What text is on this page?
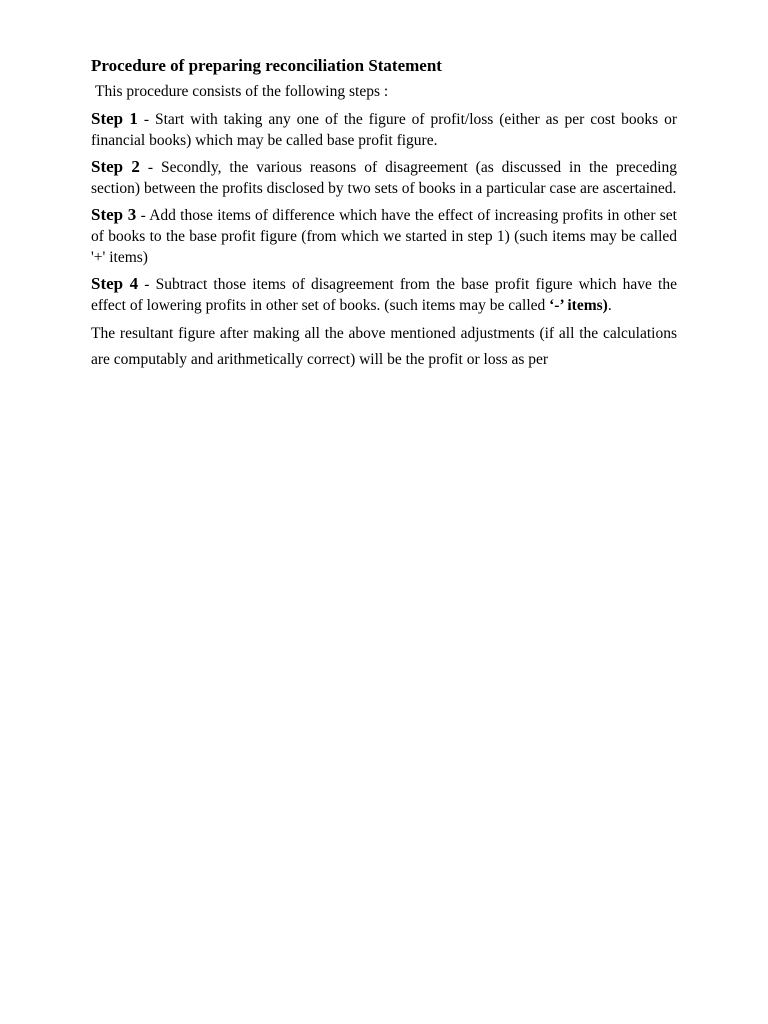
Procedure of preparing reconciliation Statement
This procedure consists of the following steps :

Step 1 - Start with taking any one of the figure of profit/loss (either as per cost books or financial books) which may be called base profit figure.

Step 2 - Secondly, the various reasons of disagreement (as discussed in the preceding section) between the profits disclosed by two sets of books in a particular case are ascertained.

Step 3 - Add those items of difference which have the effect of increasing profits in other set of books to the base profit figure (from which we started in step 1) (such items may be called '+' items)

Step 4 - Subtract those items of disagreement from the base profit figure which have the effect of lowering profits in other set of books. (such items may be called ‘-’ items).

The resultant figure after making all the above mentioned adjustments (if all the calculations are computably and arithmetically correct) will be the profit or loss as per
